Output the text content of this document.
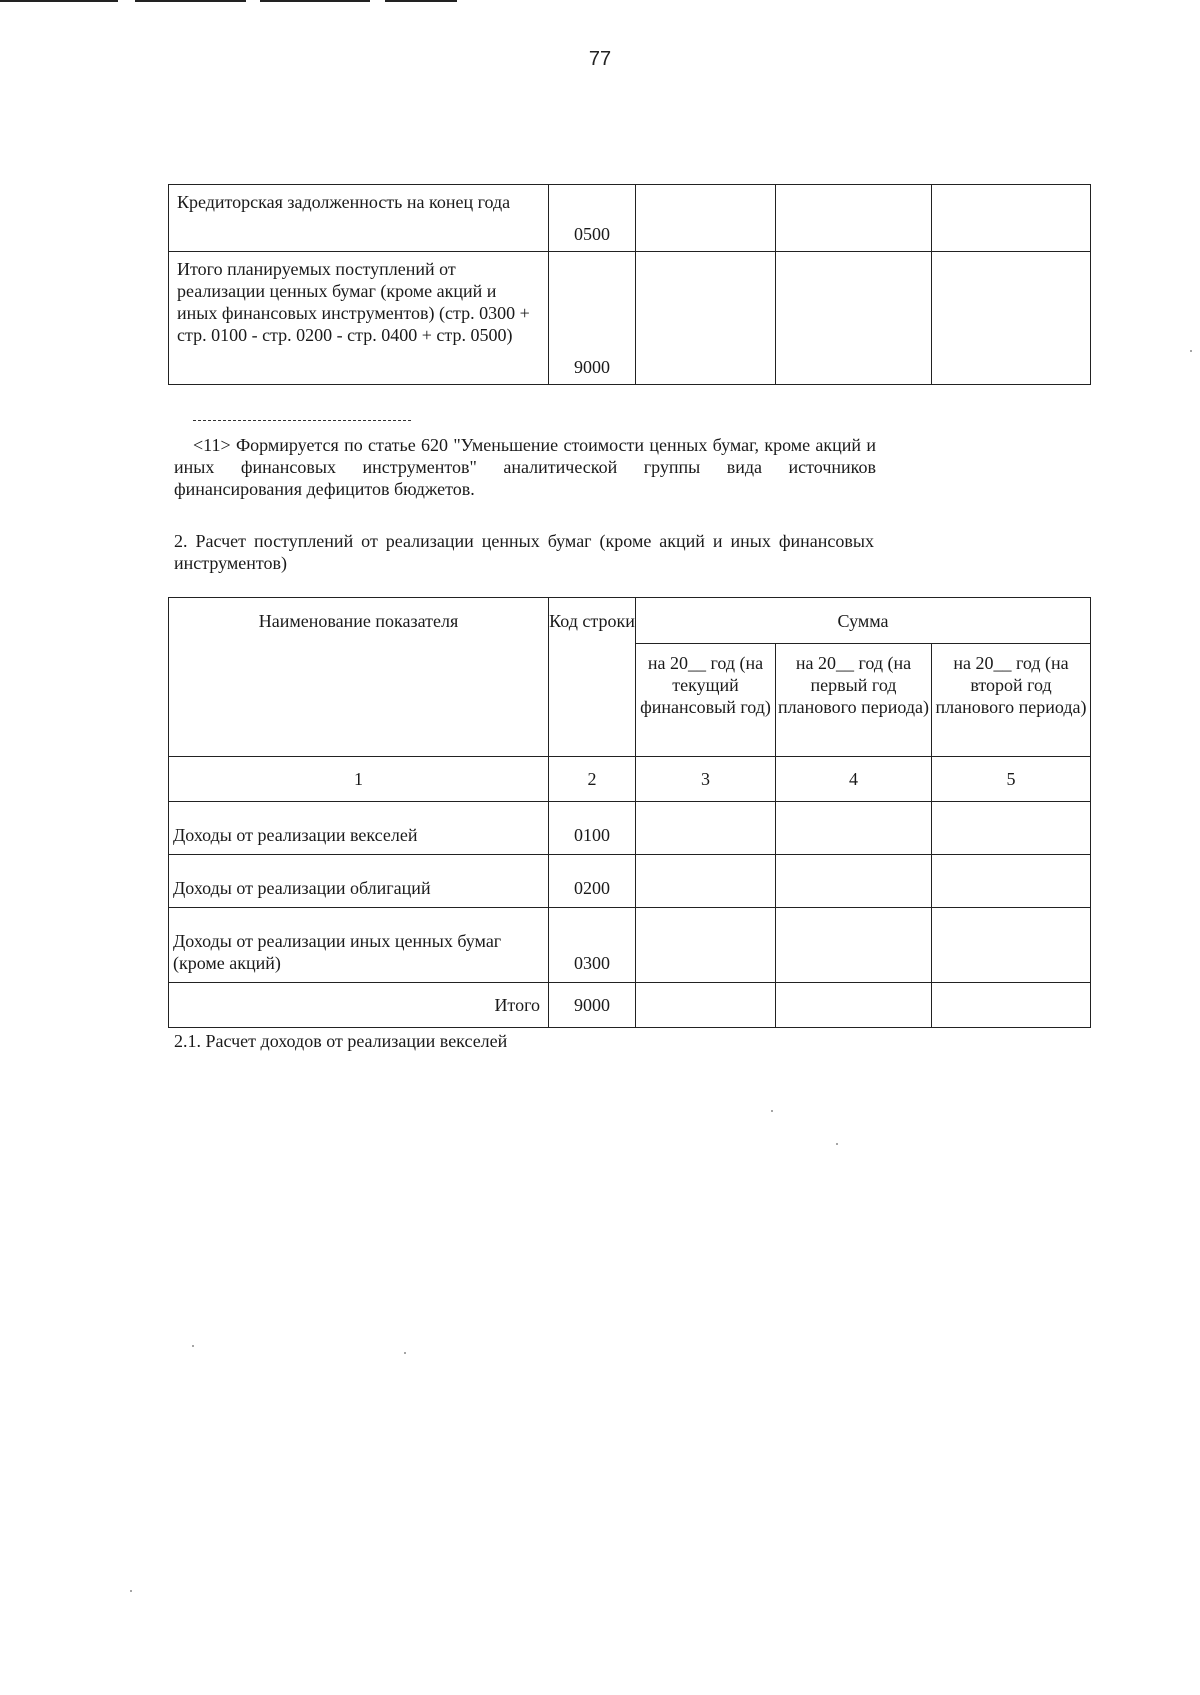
77
Кредиторская задолженность на конец года	0500			
Итого планируемых поступлений от реализации ценных бумаг (кроме акций и иных финансовых инструментов) (стр. 0300 + стр. 0100 - стр. 0200 - стр. 0400 + стр. 0500)	9000			

<11> Формируется по статье 620 "Уменьшение стоимости ценных бумаг, кроме акций и иных финансовых инструментов" аналитической группы вида источников финансирования дефицитов бюджетов.

2. Расчет поступлений от реализации ценных бумаг (кроме акций и иных финансовых инструментов)

Наименование показателя	Код строки	Сумма		
		на 20__ год (на текущий финансовый год)	на 20__ год (на первый год планового периода)	на 20__ год (на второй год планового периода)
1	2	3	4	5
Доходы от реализации векселей	0100			
Доходы от реализации облигаций	0200			
Доходы от реализации иных ценных бумаг (кроме акций)	0300			
Итого	9000			

2.1. Расчет доходов от реализации векселей
